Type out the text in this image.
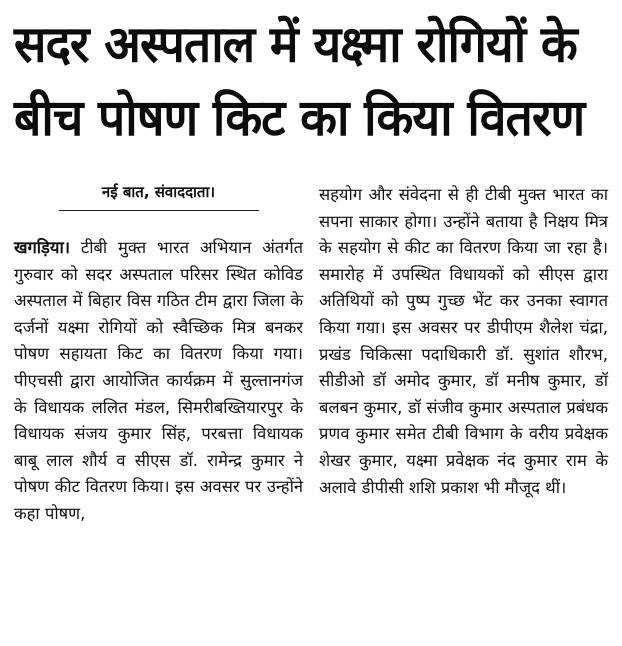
सदर अस्पताल में यक्ष्मा रोगियों के
बीच पोषण किट का किया वितरण
नई बात, संवाददाता।

खगड़िया। टीबी मुक्त भारत अभियान अंतर्गत गुरुवार को सदर अस्पताल परिसर स्थित कोविड अस्पताल में बिहार विस गठित टीम द्वारा जिला के दर्जनों यक्ष्मा रोगियों को स्वैच्छिक मित्र बनकर पोषण सहायता किट का वितरण किया गया। पीएचसी द्वारा आयोजित कार्यक्रम में सुल्तानगंज के विधायक ललित मंडल, सिमरीबख्तियारपुर के विधायक संजय कुमार सिंह, परबत्ता विधायक बाबू लाल शौर्य व सीएस डॉ. रामेन्द्र कुमार ने पोषण कीट वितरण किया। इस अवसर पर उन्होंने कहा पोषण,

सहयोग और संवेदना से ही टीबी मुक्त भारत का सपना साकार होगा। उन्होंने बताया है निक्षय मित्र के सहयोग से कीट का वितरण किया जा रहा है। समारोह में उपस्थित विधायकों को सीएस द्वारा अतिथियों को पुष्प गुच्छ भेंट कर उनका स्वागत किया गया। इस अवसर पर डीपीएम शैलेश चंद्रा, प्रखंड चिकित्सा पदाधिकारी डॉ. सुशांत शौरभ, सीडीओ डॉ अमोद कुमार, डॉ मनीष कुमार, डॉ बलबन कुमार, डॉ संजीव कुमार अस्पताल प्रबंधक प्रणव कुमार समेत टीबी विभाग के वरीय प्रवेक्षक शेखर कुमार, यक्ष्मा प्रवेक्षक नंद कुमार राम के अलावे डीपीसी शशि प्रकाश भी मौजूद थीं।
